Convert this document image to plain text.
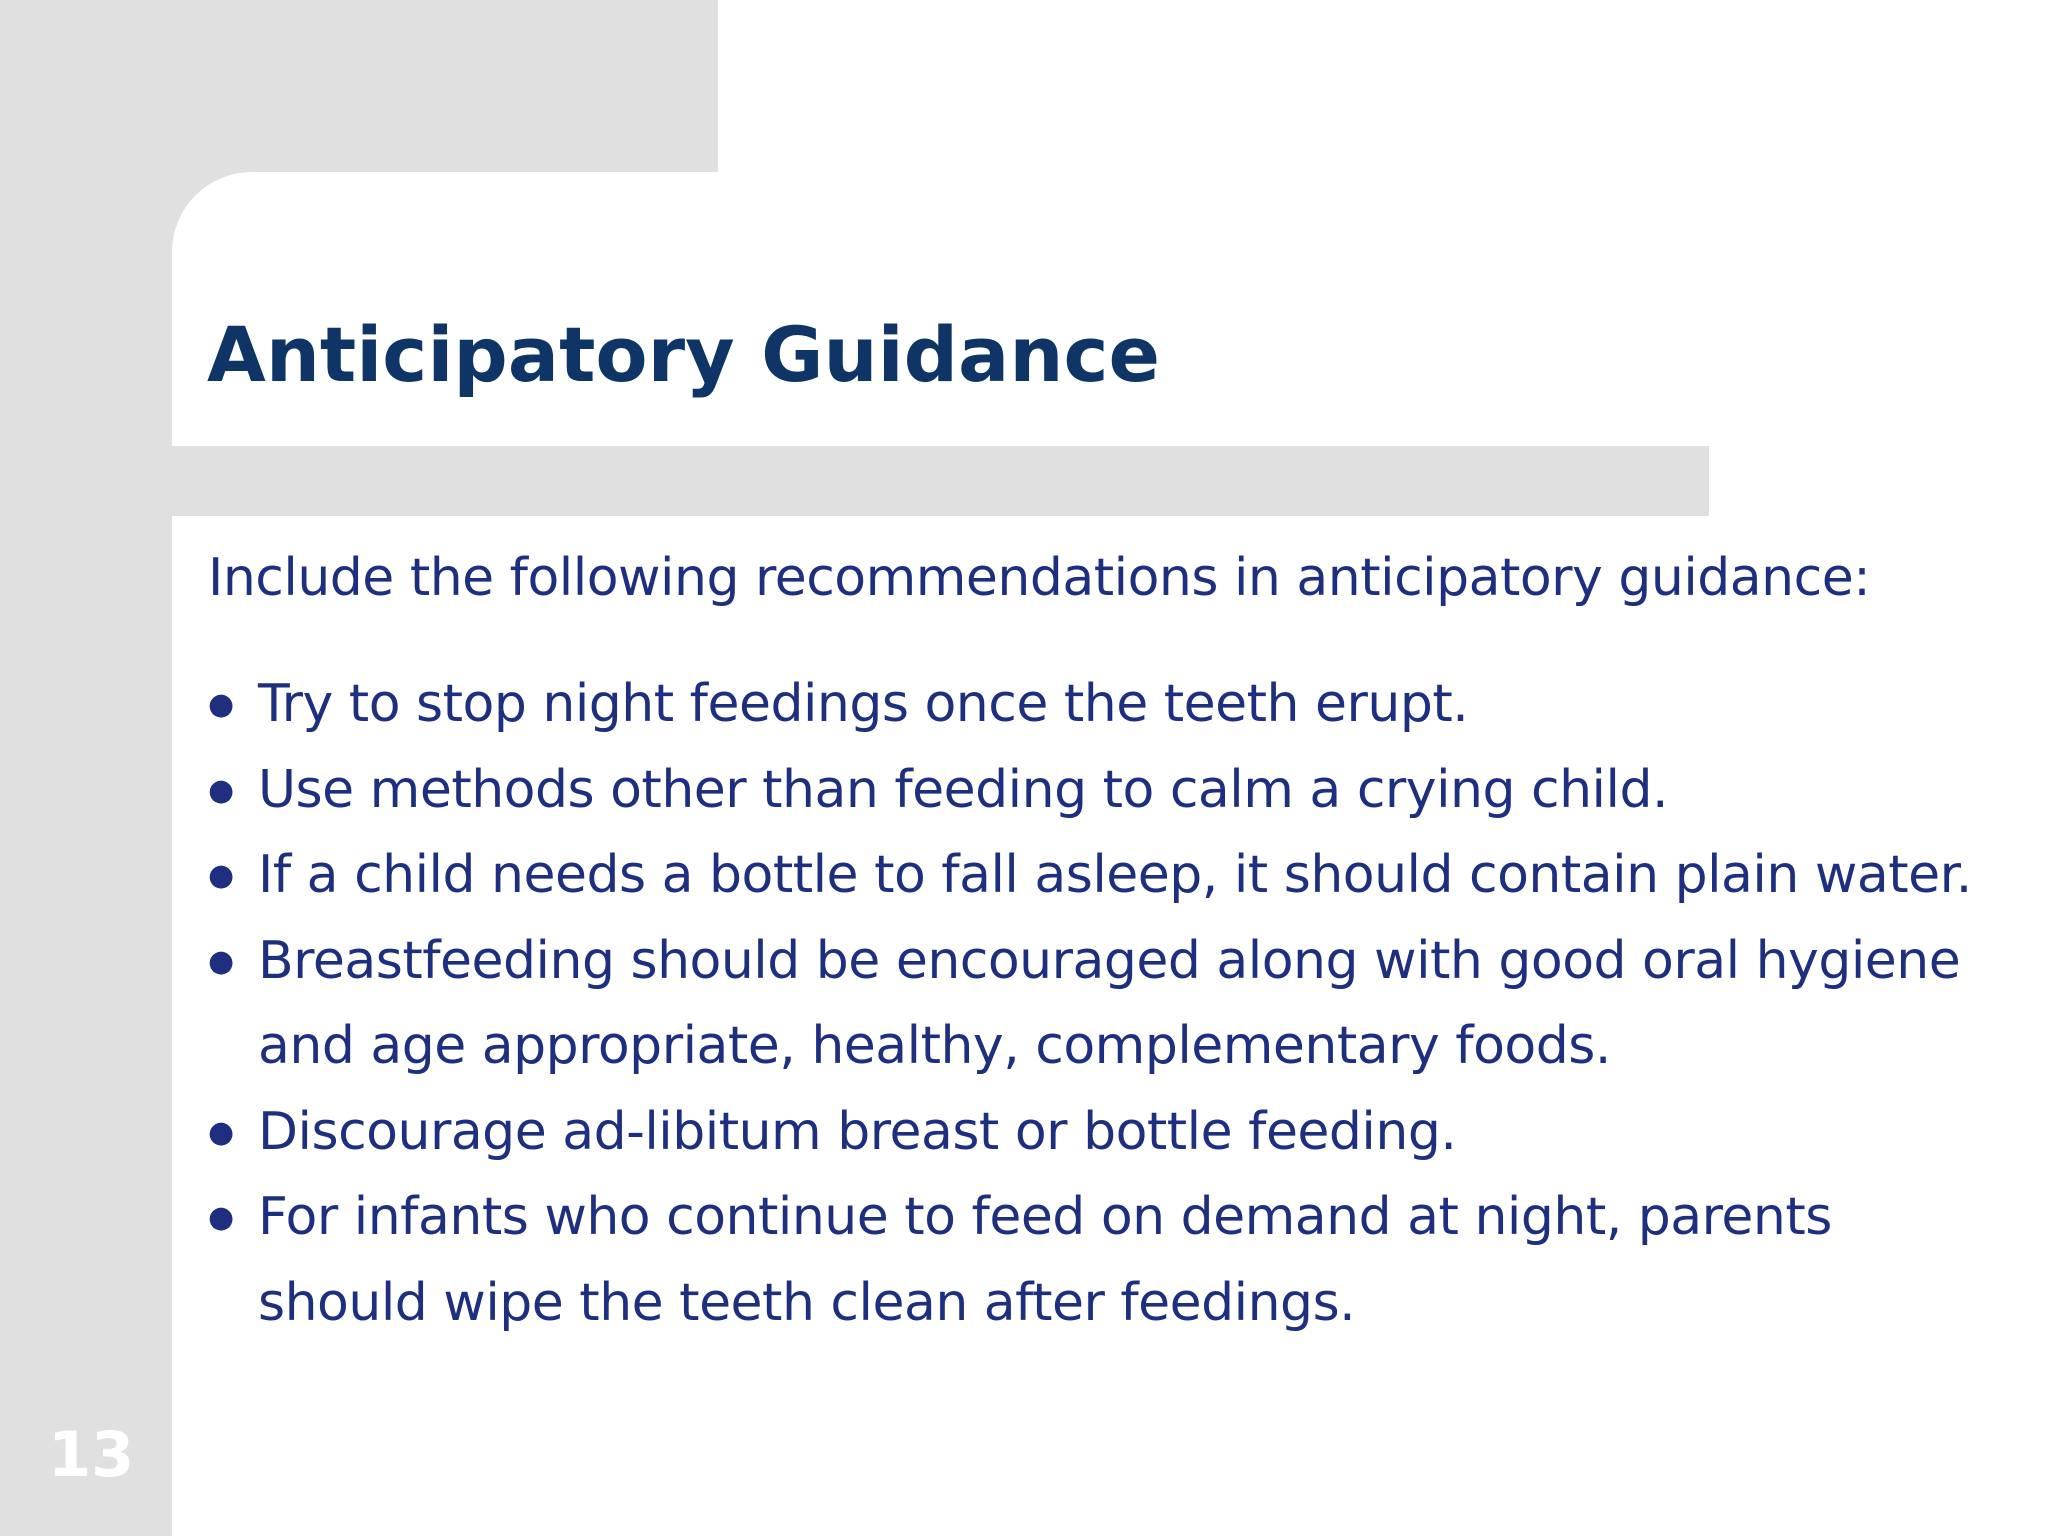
Anticipatory Guidance

Include the following recommendations in anticipatory guidance:

● Try to stop night feedings once the teeth erupt.
● Use methods other than feeding to calm a crying child.
● If a child needs a bottle to fall asleep, it should contain plain water.
● Breastfeeding should be encouraged along with good oral hygiene and age appropriate, healthy, complementary foods.
● Discourage ad-libitum breast or bottle feeding.
● For infants who continue to feed on demand at night, parents should wipe the teeth clean after feedings.
13
